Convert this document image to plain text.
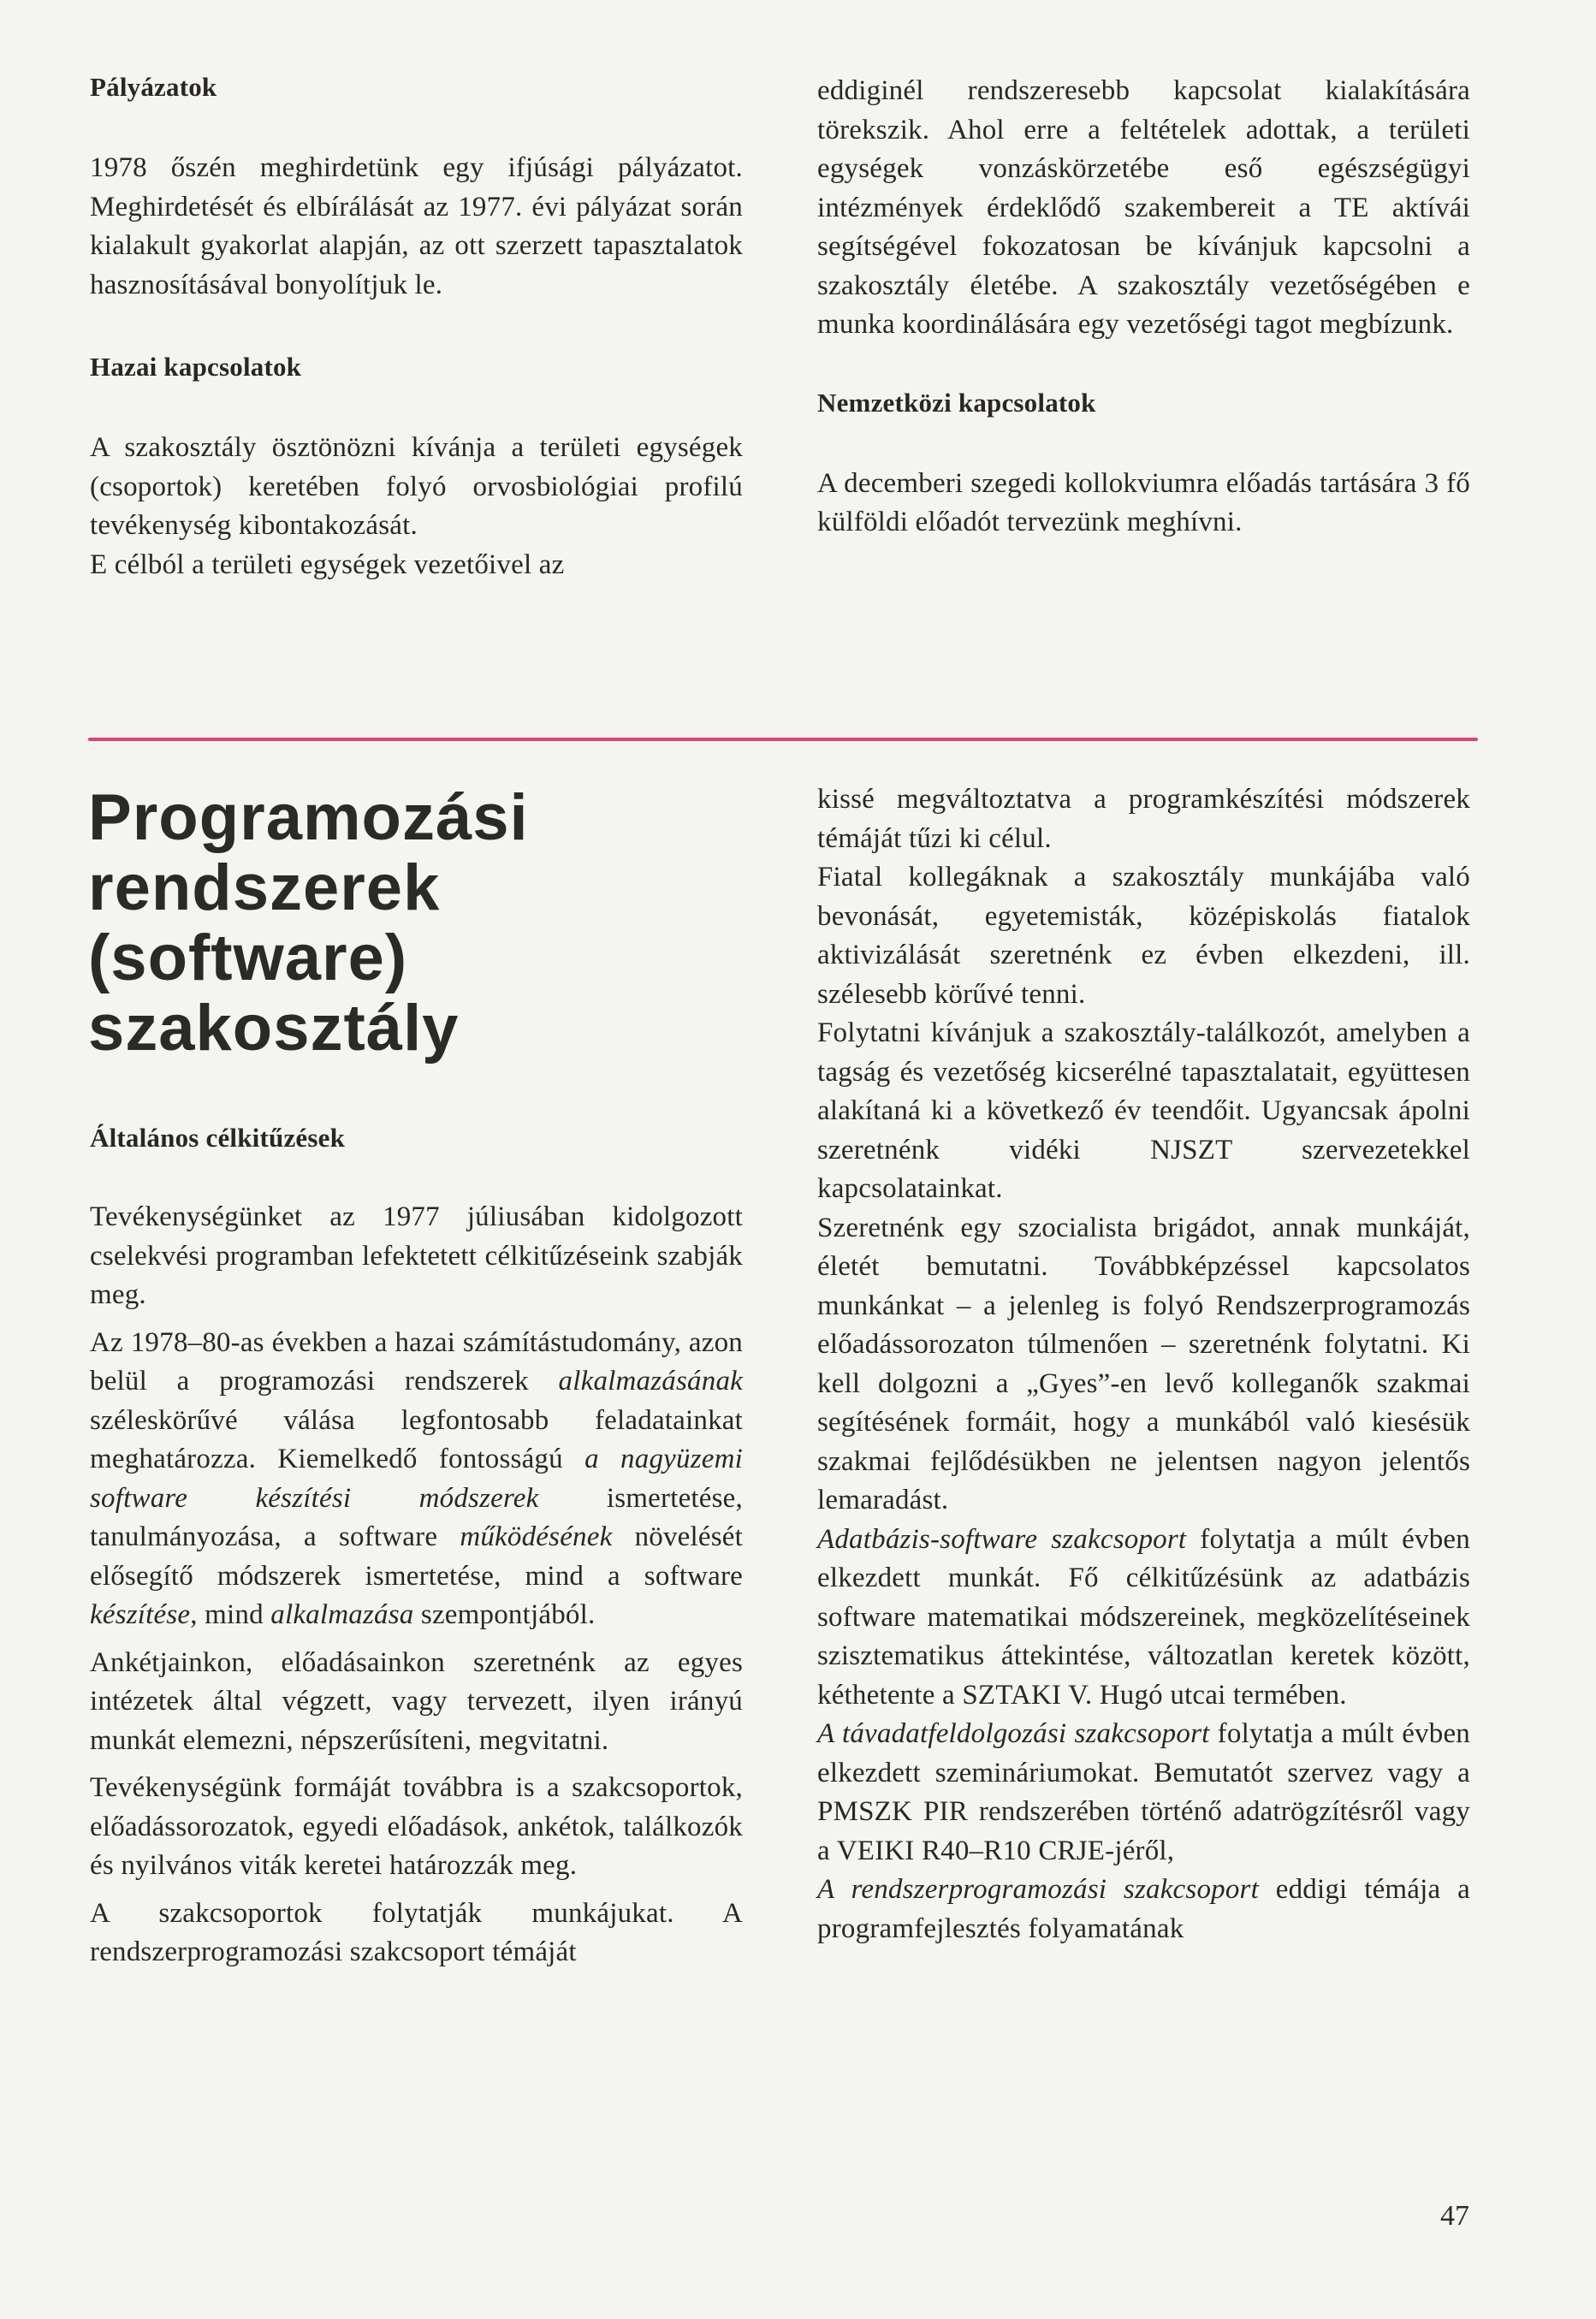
Pályázatok

1978 őszén meghirdetünk egy ifjúsági pályázatot. Meghirdetését és elbírálását az 1977. évi pályázat során kialakult gyakorlat alapján, az ott szerzett tapasztalatok hasznosításával bonyolítjuk le.

Hazai kapcsolatok

A szakosztály ösztönözni kívánja a területi egységek (csoportok) keretében folyó orvosbiológiai profilú tevékenység kibontakozását.

E célból a területi egységek vezetőivel az

eddiginél rendszeresebb kapcsolat kialakítására törekszik. Ahol erre a feltételek adottak, a területi egységek vonzáskörzetébe eső egészségügyi intézmények érdeklődő szakembereit a TE aktívái segítségével fokozatosan be kívánjuk kapcsolni a szakosztály életébe. A szakosztály vezetőségében e munka koordinálására egy vezetőségi tagot megbízunk.

Nemzetközi kapcsolatok

A decemberi szegedi kollokviumra előadás tartására 3 fő külföldi előadót tervezünk meghívni.

Programozási
rendszerek
(software)
szakosztály
Általános célkitűzések

Tevékenységünket az 1977 júliusában kidolgozott cselekvési programban lefektetett célkitűzéseink szabják meg.

Az 1978–80-as években a hazai számítástudomány, azon belül a programozási rendszerek alkalmazásának széleskörűvé válása legfontosabb feladatainkat meghatározza. Kiemelkedő fontosságú a nagyüzemi software készítési módszerek ismertetése, tanulmányozása, a software működésének növelését elősegítő módszerek ismertetése, mind a software készítése, mind alkalmazása szempontjából.

Ankétjainkon, előadásainkon szeretnénk az egyes intézetek által végzett, vagy tervezett, ilyen irányú munkát elemezni, népszerűsíteni, megvitatni.

Tevékenységünk formáját továbbra is a szakcsoportok, előadássorozatok, egyedi előadások, ankétok, találkozók és nyilvános viták keretei határozzák meg.

A szakcsoportok folytatják munkájukat. A rendszerprogramozási szakcsoport témáját

kissé megváltoztatva a programkészítési módszerek témáját tűzi ki célul.

Fiatal kollegáknak a szakosztály munkájába való bevonását, egyetemisták, középiskolás fiatalok aktivizálását szeretnénk ez évben elkezdeni, ill. szélesebb körűvé tenni.

Folytatni kívánjuk a szakosztály-találkozót, amelyben a tagság és vezetőség kicserélné tapasztalatait, együttesen alakítaná ki a következő év teendőit. Ugyancsak ápolni szeretnénk vidéki NJSZT szervezetekkel kapcsolatainkat.

Szeretnénk egy szocialista brigádot, annak munkáját, életét bemutatni. Továbbképzéssel kapcsolatos munkánkat – a jelenleg is folyó Rendszerprogramozás előadássorozaton túlmenően – szeretnénk folytatni. Ki kell dolgozni a „Gyes”-en levő kolleganők szakmai segítésének formáit, hogy a munkából való kiesésük szakmai fejlődésükben ne jelentsen nagyon jelentős lemaradást.

Adatbázis-software szakcsoport folytatja a múlt évben elkezdett munkát. Fő célkitűzésünk az adatbázis software matematikai módszereinek, megközelítéseinek szisztematikus áttekintése, változatlan keretek között, kéthetente a SZTAKI V. Hugó utcai termében.

A távadatfeldolgozási szakcsoport folytatja a múlt évben elkezdett szemináriumokat. Bemutatót szervez vagy a PMSZK PIR rendszerében történő adatrögzítésről vagy a VEIKI R40–R10 CRJE-jéről,

A rendszerprogramozási szakcsoport eddigi témája a programfejlesztés folyamatának

47
